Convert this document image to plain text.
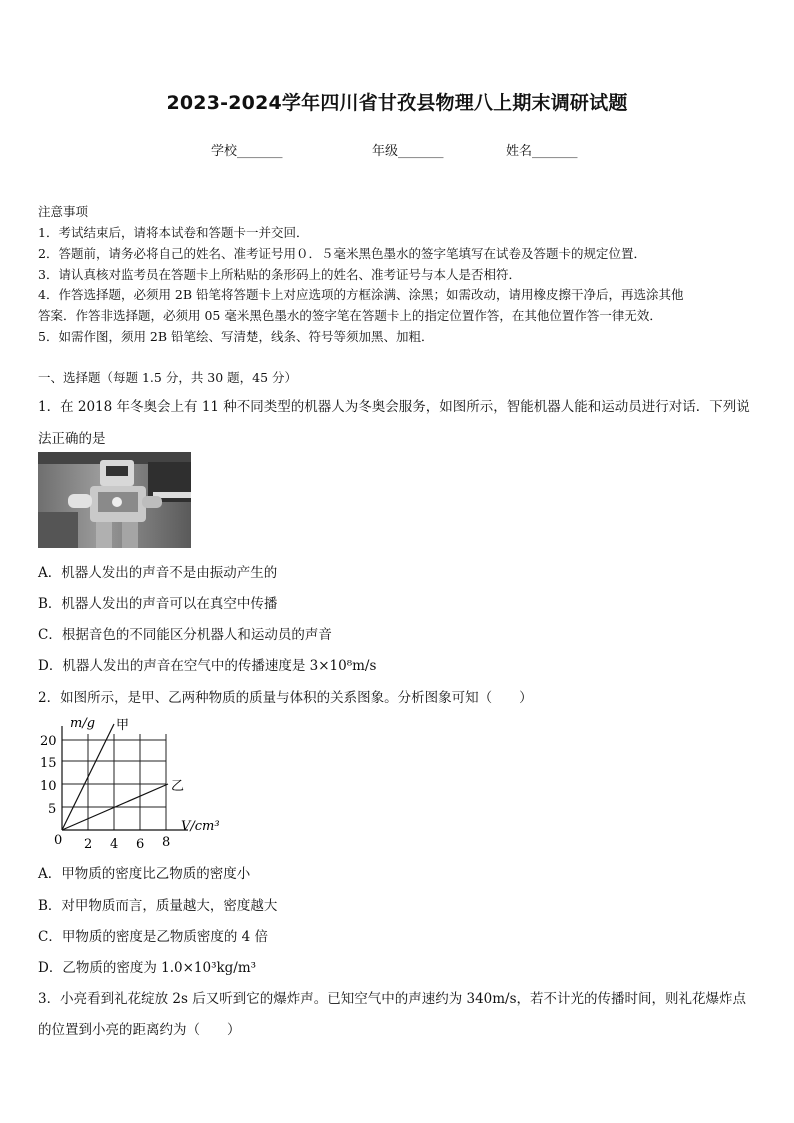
2023-2024学年四川省甘孜县物理八上期末调研试题
学校_______	年级_______	姓名_______
注意事项
1．考试结束后，请将本试卷和答题卡一并交回．
2．答题前，请务必将自己的姓名、准考证号用０．５毫米黑色墨水的签字笔填写在试卷及答题卡的规定位置．
3．请认真核对监考员在答题卡上所粘贴的条形码上的姓名、准考证号与本人是否相符．
4．作答选择题，必须用 2B 铅笔将答题卡上对应选项的方框涂满、涂黑；如需改动，请用橡皮擦干净后，再选涂其他
答案．作答非选择题，必须用 05 毫米黑色墨水的签字笔在答题卡上的指定位置作答，在其他位置作答一律无效．
5．如需作图，须用 2B 铅笔绘、写清楚，线条、符号等须加黑、加粗．
一、选择题（每题 1.5 分，共 30 题，45 分）
1．在 2018 年冬奥会上有 11 种不同类型的机器人为冬奥会服务，如图所示，智能机器人能和运动员进行对话．下列说
法正确的是
A．机器人发出的声音不是由振动产生的
B．机器人发出的声音可以在真空中传播
C．根据音色的不同能区分机器人和运动员的声音
D．机器人发出的声音在空气中的传播速度是 3×10⁸m/s
2．如图所示，是甲、乙两种物质的质量与体积的关系图象。分析图象可知（　　）
m/g 甲
乙
V/cm³
20
15
10
5
0 2 4 6 8
A．甲物质的密度比乙物质的密度小
B．对甲物质而言，质量越大，密度越大
C．甲物质的密度是乙物质密度的 4 倍
D．乙物质的密度为 1.0×10³kg/m³
3．小亮看到礼花绽放 2s 后又听到它的爆炸声。已知空气中的声速约为 340m/s，若不计光的传播时间，则礼花爆炸点
的位置到小亮的距离约为（　　）
